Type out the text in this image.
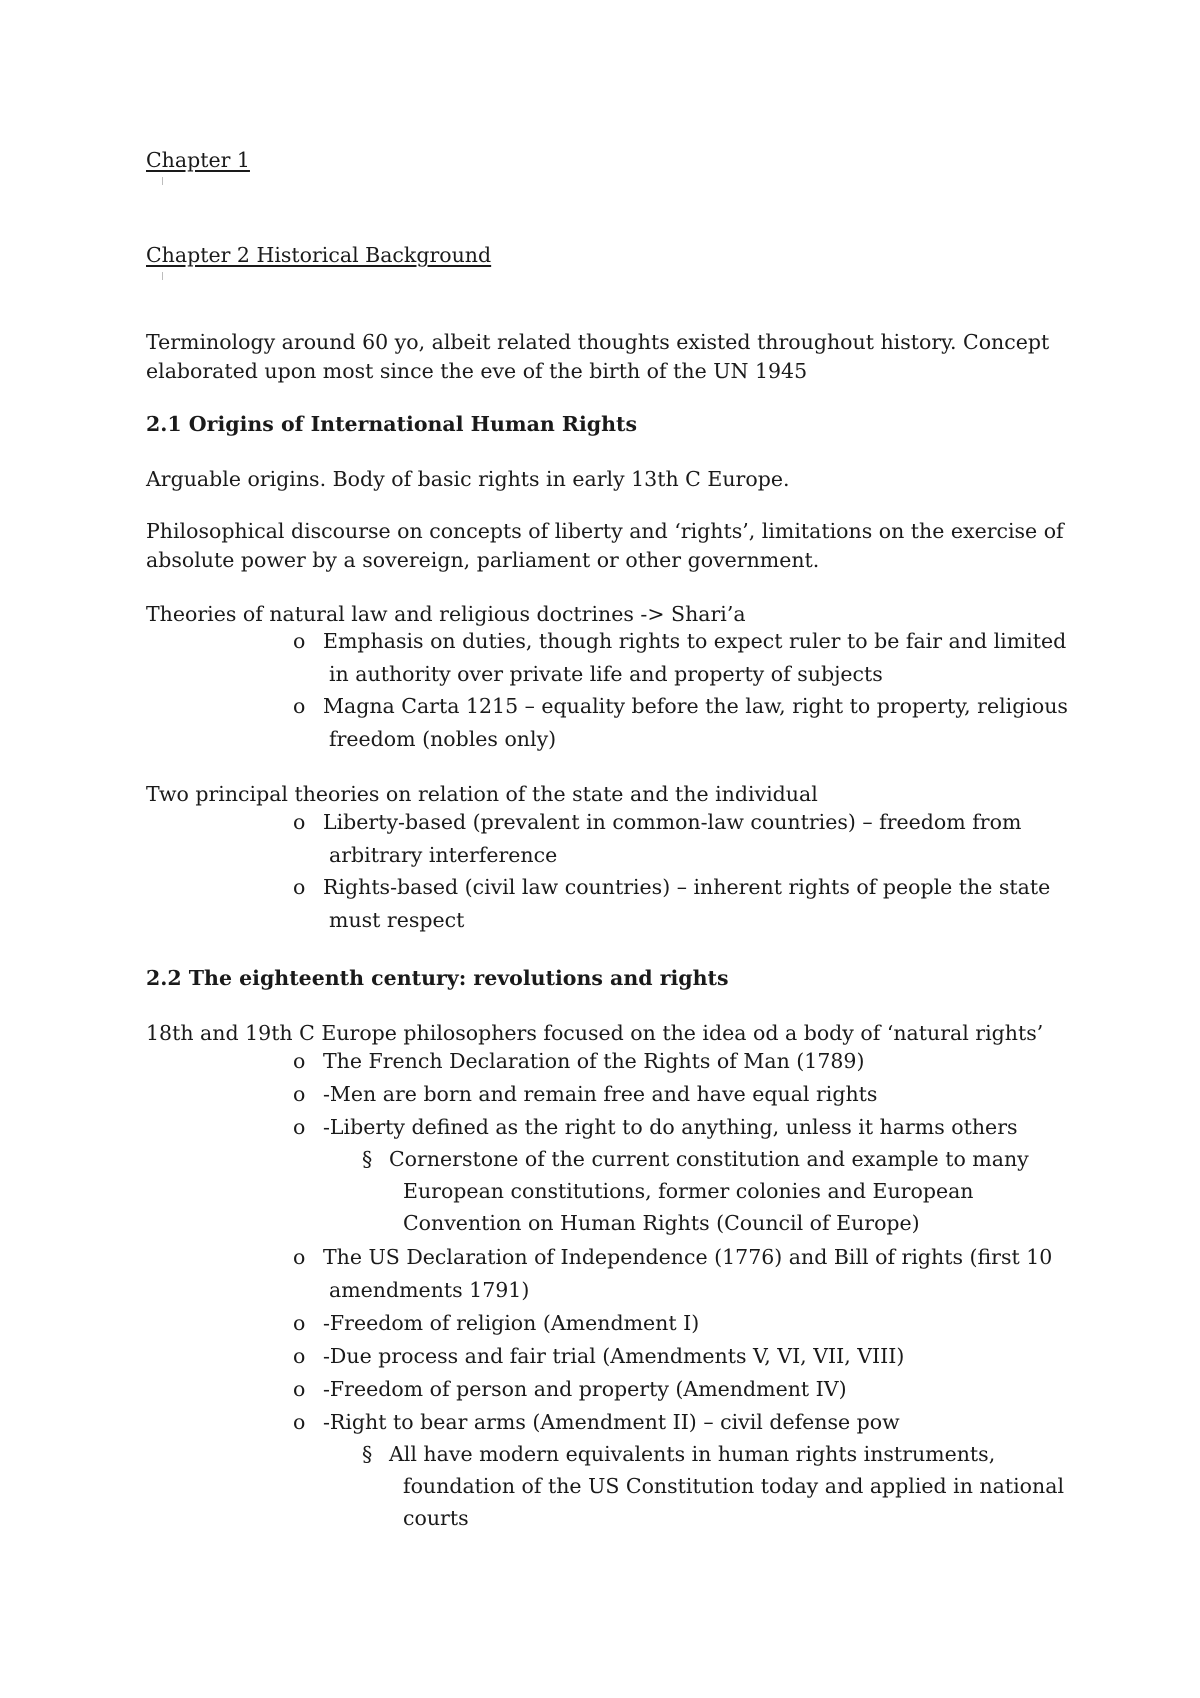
Chapter 1
Chapter 2 Historical Background
Terminology around 60 yo, albeit related thoughts existed throughout history. Concept
elaborated upon most since the eve of the birth of the UN 1945
2.1 Origins of International Human Rights
Arguable origins. Body of basic rights in early 13th C Europe.
Philosophical discourse on concepts of liberty and ‘rights’, limitations on the exercise of
absolute power by a sovereign, parliament or other government.
Theories of natural law and religious doctrines -> Shari’a
o Emphasis on duties, though rights to expect ruler to be fair and limited
in authority over private life and property of subjects
o Magna Carta 1215 – equality before the law, right to property, religious
freedom (nobles only)
Two principal theories on relation of the state and the individual
o Liberty-based (prevalent in common-law countries) – freedom from
arbitrary interference
o Rights-based (civil law countries) – inherent rights of people the state
must respect
2.2 The eighteenth century: revolutions and rights
18th and 19th C Europe philosophers focused on the idea od a body of ‘natural rights’
o The French Declaration of the Rights of Man (1789)
o -Men are born and remain free and have equal rights
o -Liberty defined as the right to do anything, unless it harms others
§ Cornerstone of the current constitution and example to many
European constitutions, former colonies and European
Convention on Human Rights (Council of Europe)
o The US Declaration of Independence (1776) and Bill of rights (first 10
amendments 1791)
o -Freedom of religion (Amendment I)
o -Due process and fair trial (Amendments V, VI, VII, VIII)
o -Freedom of person and property (Amendment IV)
o -Right to bear arms (Amendment II) – civil defense pow
§ All have modern equivalents in human rights instruments,
foundation of the US Constitution today and applied in national
courts
